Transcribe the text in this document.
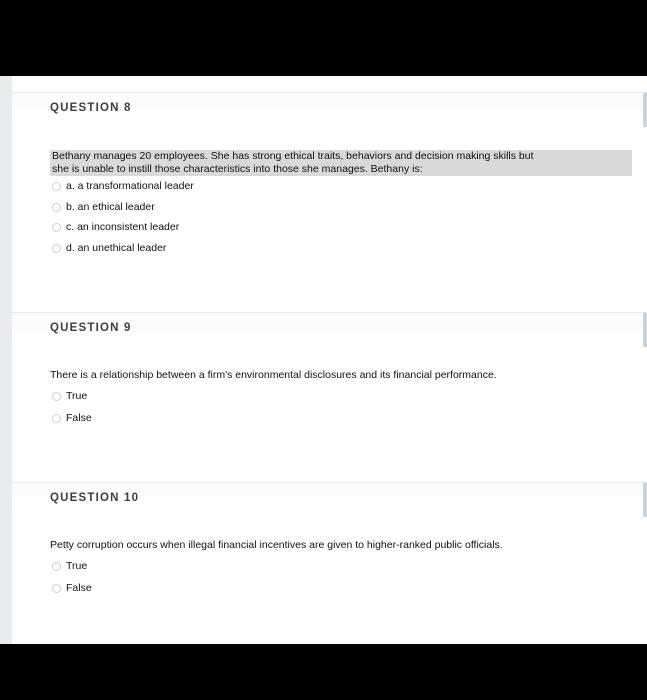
QUESTION 8
Bethany manages 20 employees. She has strong ethical traits, behaviors and decision making skills but
she is unable to instill those characteristics into those she manages. Bethany is:
a. a transformational leader
b. an ethical leader
c. an inconsistent leader
d. an unethical leader
QUESTION 9
There is a relationship between a firm's environmental disclosures and its financial performance.
True
False
QUESTION 10
Petty corruption occurs when illegal financial incentives are given to higher-ranked public officials.
True
False
